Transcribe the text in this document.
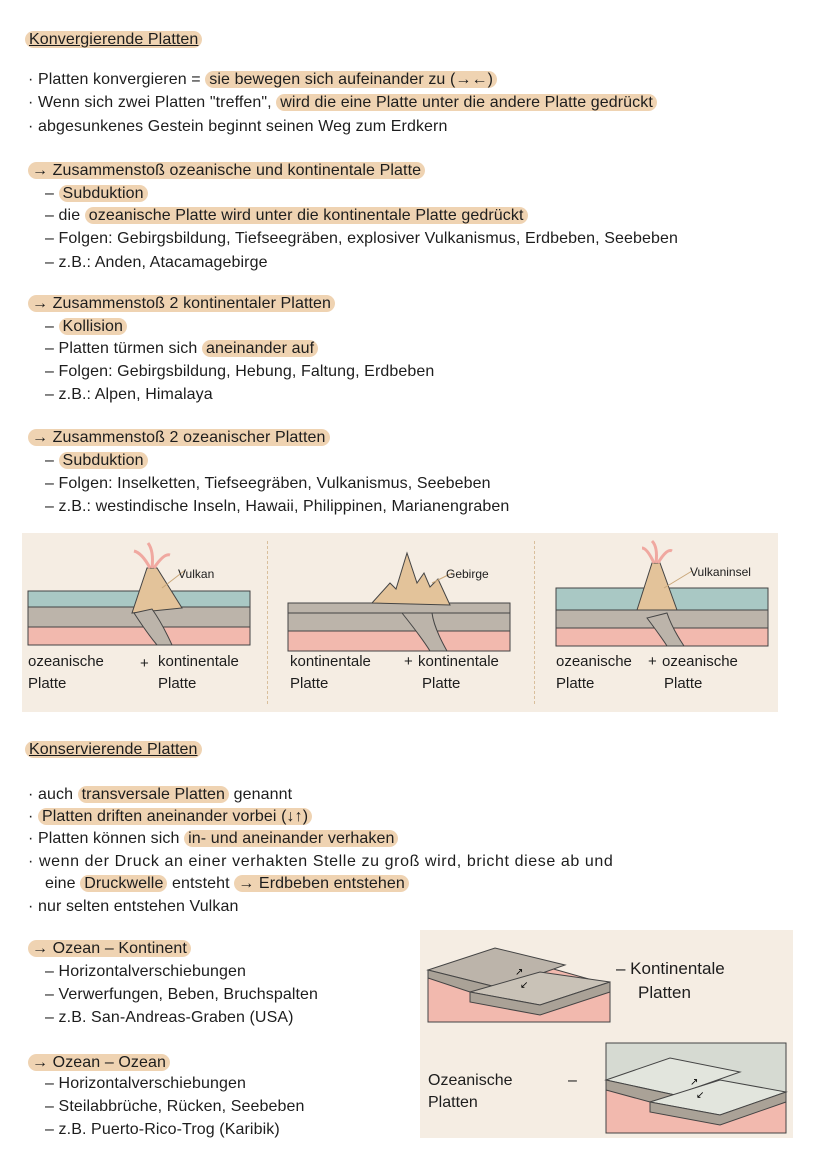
Konvergierende Platten
· Platten konvergieren = sie bewegen sich aufeinander zu (→←)
· Wenn sich zwei Platten "treffen", wird die eine Platte unter die andere Platte gedrückt
· abgesunkenes Gestein beginnt seinen Weg zum Erdkern
→ Zusammenstoß ozeanische und kontinentale Platte
– Subduktion
– die ozeanische Platte wird unter die kontinentale Platte gedrückt
– Folgen: Gebirgsbildung, Tiefseegräben, explosiver Vulkanismus, Erdbeben, Seebeben
– z.B.: Anden, Atacamagebirge
→ Zusammenstoß 2 kontinentaler Platten
– Kollision
– Platten türmen sich aneinander auf
– Folgen: Gebirgsbildung, Hebung, Faltung, Erdbeben
– z.B.: Alpen, Himalaya
→ Zusammenstoß 2 ozeanischer Platten
– Subduktion
– Folgen: Inselketten, Tiefseegräben, Vulkanismus, Seebeben
– z.B.: westindische Inseln, Hawaii, Philippinen, Marianengraben
Konservierende Platten
· auch transversale Platten genannt
· Platten driften aneinander vorbei (↓↑)
· Platten können sich in- und aneinander verhaken
· wenn der Druck an einer verhakten Stelle zu groß wird, bricht diese ab und
eine Druckwelle entsteht → Erdbeben entstehen
· nur selten entstehen Vulkan
→ Ozean – Kontinent
– Horizontalverschiebungen
– Verwerfungen, Beben, Bruchspalten
– z.B. San-Andreas-Graben (USA)
→ Ozean – Ozean
– Horizontalverschiebungen
– Steilabbrüche, Rücken, Seebeben
– z.B. Puerto-Rico-Trog (Karibik)
Vulkan	Gebirge	Vulkaninsel
ozeanische
Platte
+ kontinentale
Platte
kontinentale
Platte
+ kontinentale
Platte
ozeanische
Platte
+ ozeanische
Platte
↗
↙
↗
↙
– Kontinentale
Platten
Ozeanische
Platten
–
